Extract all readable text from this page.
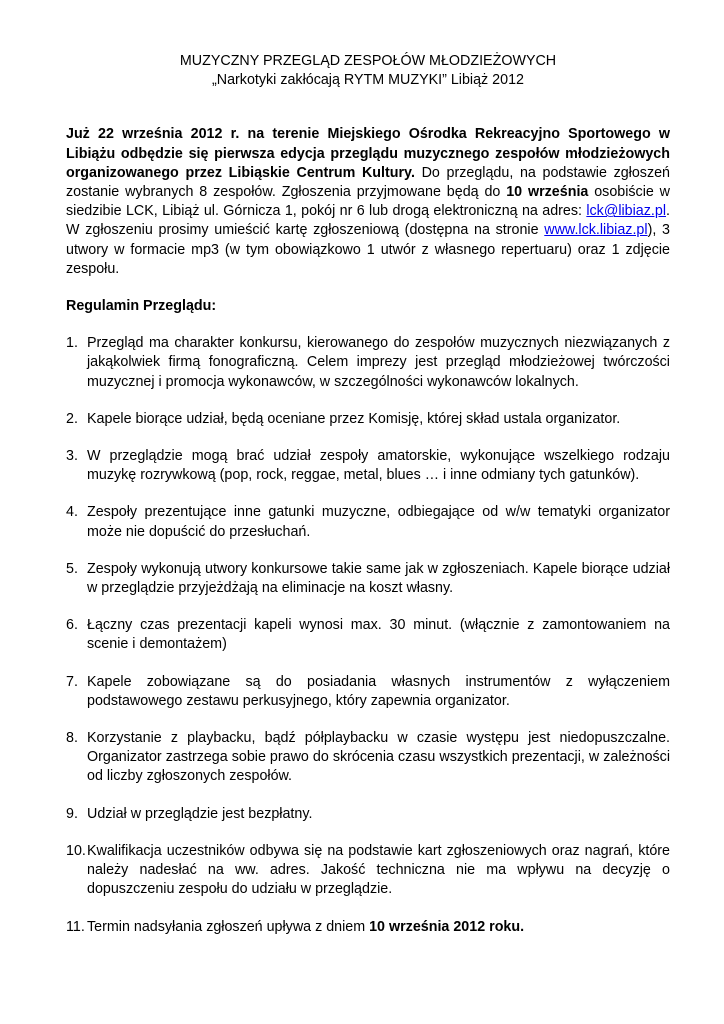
MUZYCZNY PRZEGLĄD ZESPOŁÓW MŁODZIEŻOWYCH
„Narkotyki zakłócają RYTM MUZYKI” Libiąż 2012

Już 22 września 2012 r. na terenie Miejskiego Ośrodka Rekreacyjno Sportowego w Libiążu odbędzie się pierwsza edycja przeglądu muzycznego zespołów młodzieżowych organizowanego przez Libiąskie Centrum Kultury. Do przeglądu, na podstawie zgłoszeń zostanie wybranych 8 zespołów. Zgłoszenia przyjmowane będą do 10 września osobiście w siedzibie LCK, Libiąż ul. Górnicza 1, pokój nr 6 lub drogą elektroniczną na adres: lck@libiaz.pl. W zgłoszeniu prosimy umieścić kartę zgłoszeniową (dostępna na stronie www.lck.libiaz.pl), 3 utwory w formacie mp3 (w tym obowiązkowo 1 utwór z własnego repertuaru) oraz 1 zdjęcie zespołu.

Regulamin Przeglądu:

1. Przegląd ma charakter konkursu, kierowanego do zespołów muzycznych niezwiązanych z jakąkolwiek firmą fonograficzną. Celem imprezy jest przegląd młodzieżowej twórczości muzycznej i promocja wykonawców, w szczególności wykonawców lokalnych.
2. Kapele biorące udział, będą oceniane przez Komisję, której skład ustala organizator.
3. W przeglądzie mogą brać udział zespoły amatorskie, wykonujące wszelkiego rodzaju muzykę rozrywkową (pop, rock, reggae, metal, blues … i inne odmiany tych gatunków).
4. Zespoły prezentujące inne gatunki muzyczne, odbiegające od w/w tematyki organizator może nie dopuścić do przesłuchań.
5. Zespoły wykonują utwory konkursowe takie same jak w zgłoszeniach. Kapele biorące udział w przeglądzie przyjeżdżają na eliminacje na koszt własny.
6. Łączny czas prezentacji kapeli wynosi max. 30 minut. (włącznie z zamontowaniem na scenie i demontażem)
7. Kapele zobowiązane są do posiadania własnych instrumentów z wyłączeniem podstawowego zestawu perkusyjnego, który zapewnia organizator.
8. Korzystanie z playbacku, bądź półplaybacku w czasie występu jest niedopuszczalne. Organizator zastrzega sobie prawo do skrócenia czasu wszystkich prezentacji, w zależności od liczby zgłoszonych zespołów.
9. Udział w przeglądzie jest bezpłatny.
10. Kwalifikacja uczestników odbywa się na podstawie kart zgłoszeniowych oraz nagrań, które należy nadesłać na ww. adres. Jakość techniczna nie ma wpływu na decyzję o dopuszczeniu zespołu do udziału w przeglądzie.
11. Termin nadsyłania zgłoszeń upływa z dniem 10 września 2012 roku.
